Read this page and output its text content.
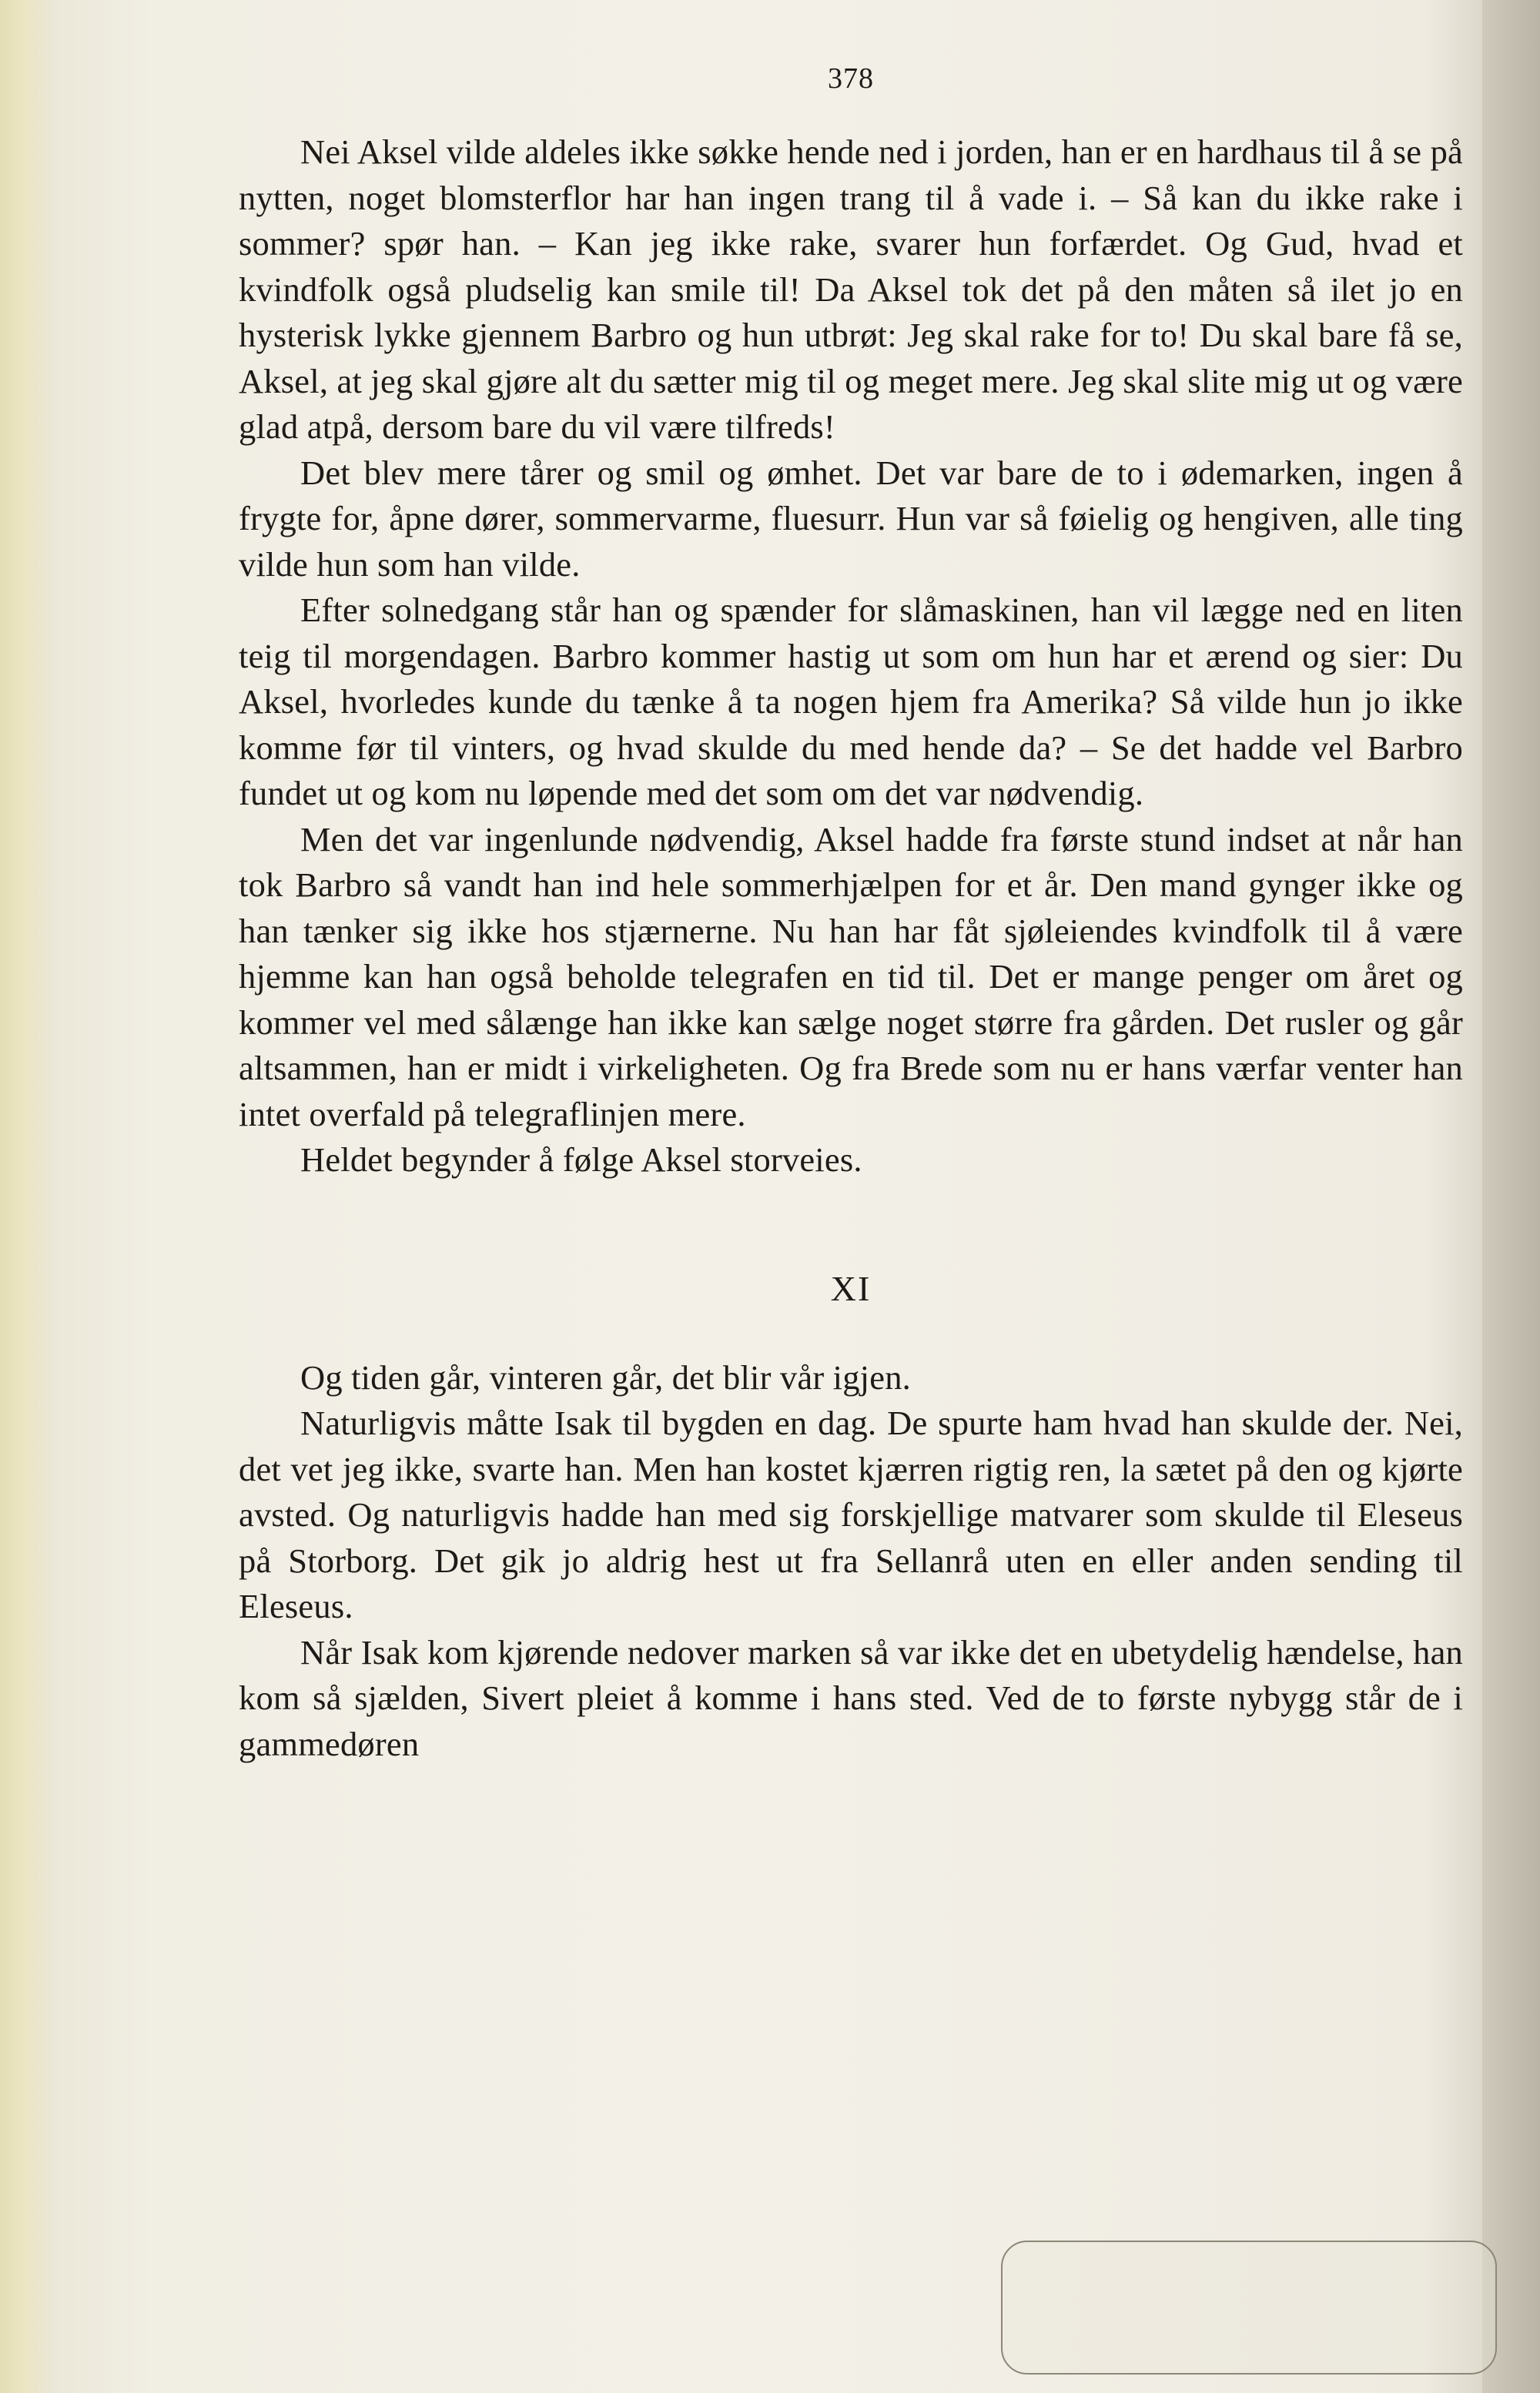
378

Nei Aksel vilde aldeles ikke søkke hende ned i jorden, han er en hardhaus til å se på nytten, noget blomsterflor har han ingen trang til å vade i. – Så kan du ikke rake i sommer? spør han. – Kan jeg ikke rake, svarer hun forfærdet. Og Gud, hvad et kvindfolk også pludselig kan smile til! Da Aksel tok det på den måten så ilet jo en hysterisk lykke gjennem Barbro og hun utbrøt: Jeg skal rake for to! Du skal bare få se, Aksel, at jeg skal gjøre alt du sætter mig til og meget mere. Jeg skal slite mig ut og være glad atpå, dersom bare du vil være tilfreds!

Det blev mere tårer og smil og ømhet. Det var bare de to i ødemarken, ingen å frygte for, åpne dører, sommervarme, fluesurr. Hun var så føielig og hengiven, alle ting vilde hun som han vilde.

Efter solnedgang står han og spænder for slåmaskinen, han vil lægge ned en liten teig til morgendagen. Barbro kommer hastig ut som om hun har et ærend og sier: Du Aksel, hvorledes kunde du tænke å ta nogen hjem fra Amerika? Så vilde hun jo ikke komme før til vinters, og hvad skulde du med hende da? – Se det hadde vel Barbro fundet ut og kom nu løpende med det som om det var nødvendig.

Men det var ingenlunde nødvendig, Aksel hadde fra første stund indset at når han tok Barbro så vandt han ind hele sommerhjælpen for et år. Den mand gynger ikke og han tænker sig ikke hos stjærnerne. Nu han har fåt sjøleiendes kvindfolk til å være hjemme kan han også beholde telegrafen en tid til. Det er mange penger om året og kommer vel med sålænge han ikke kan sælge noget større fra gården. Det rusler og går altsammen, han er midt i virkeligheten. Og fra Brede som nu er hans værfar venter han intet overfald på telegraflinjen mere.

Heldet begynder å følge Aksel storveies.

XI

Og tiden går, vinteren går, det blir vår igjen.

Naturligvis måtte Isak til bygden en dag. De spurte ham hvad han skulde der. Nei, det vet jeg ikke, svarte han. Men han kostet kjærren rigtig ren, la sætet på den og kjørte avsted. Og naturligvis hadde han med sig forskjellige matvarer som skulde til Eleseus på Storborg. Det gik jo aldrig hest ut fra Sellanrå uten en eller anden sending til Eleseus.

Når Isak kom kjørende nedover marken så var ikke det en ubetydelig hændelse, han kom så sjælden, Sivert pleiet å komme i hans sted. Ved de to første nybygg står de i gammedøren
